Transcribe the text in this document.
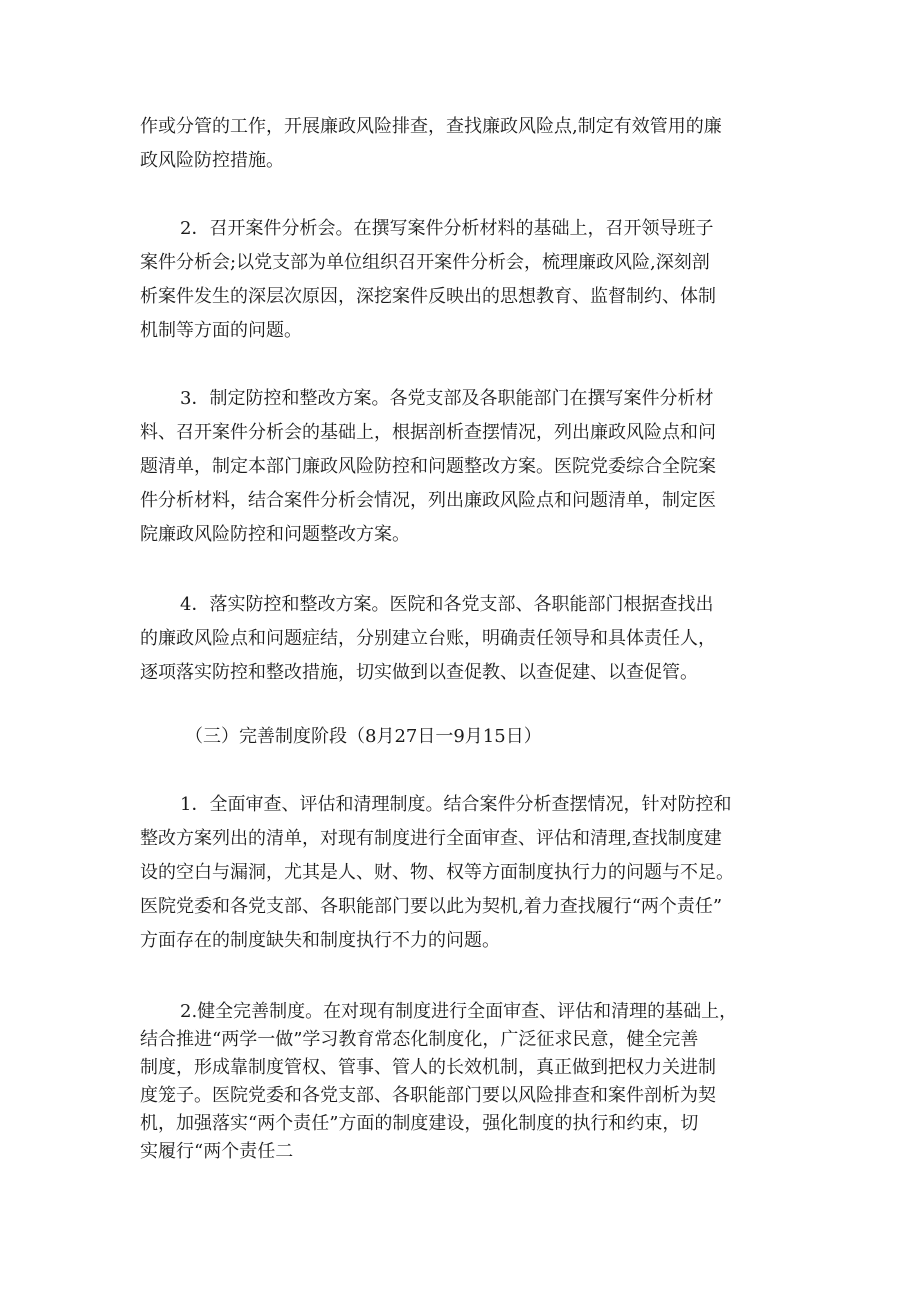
作或分管的工作，开展廉政风险排查，查找廉政风险点,制定有效管用的廉
政风险防控措施。
2．召开案件分析会。在撰写案件分析材料的基础上，召开领导班子
案件分析会;以党支部为单位组织召开案件分析会，梳理廉政风险,深刻剖
析案件发生的深层次原因，深挖案件反映出的思想教育、监督制约、体制
机制等方面的问题。
3．制定防控和整改方案。各党支部及各职能部门在撰写案件分析材
料、召开案件分析会的基础上，根据剖析查摆情况，列出廉政风险点和问
题清单，制定本部门廉政风险防控和问题整改方案。医院党委综合全院案
件分析材料，结合案件分析会情况，列出廉政风险点和问题清单，制定医
院廉政风险防控和问题整改方案。
4．落实防控和整改方案。医院和各党支部、各职能部门根据查找出
的廉政风险点和问题症结，分别建立台账，明确责任领导和具体责任人，
逐项落实防控和整改措施，切实做到以查促教、以查促建、以查促管。
（三）完善制度阶段（8月27日一9月15日）
1．全面审查、评估和清理制度。结合案件分析查摆情况，针对防控和
整改方案列出的清单，对现有制度进行全面审查、评估和清理,查找制度建
设的空白与漏洞，尤其是人、财、物、权等方面制度执行力的问题与不足。
医院党委和各党支部、各职能部门要以此为契机,着力查找履行“两个责任”
方面存在的制度缺失和制度执行不力的问题。
2.健全完善制度。在对现有制度进行全面审查、评估和清理的基础上，
结合推进“两学一做”学习教育常态化制度化，广泛征求民意，健全完善
制度，形成靠制度管权、管事、管人的长效机制，真正做到把权力关进制
度笼子。医院党委和各党支部、各职能部门要以风险排查和案件剖析为契
机，加强落实“两个责任”方面的制度建设，强化制度的执行和约束，切
实履行“两个责任二
